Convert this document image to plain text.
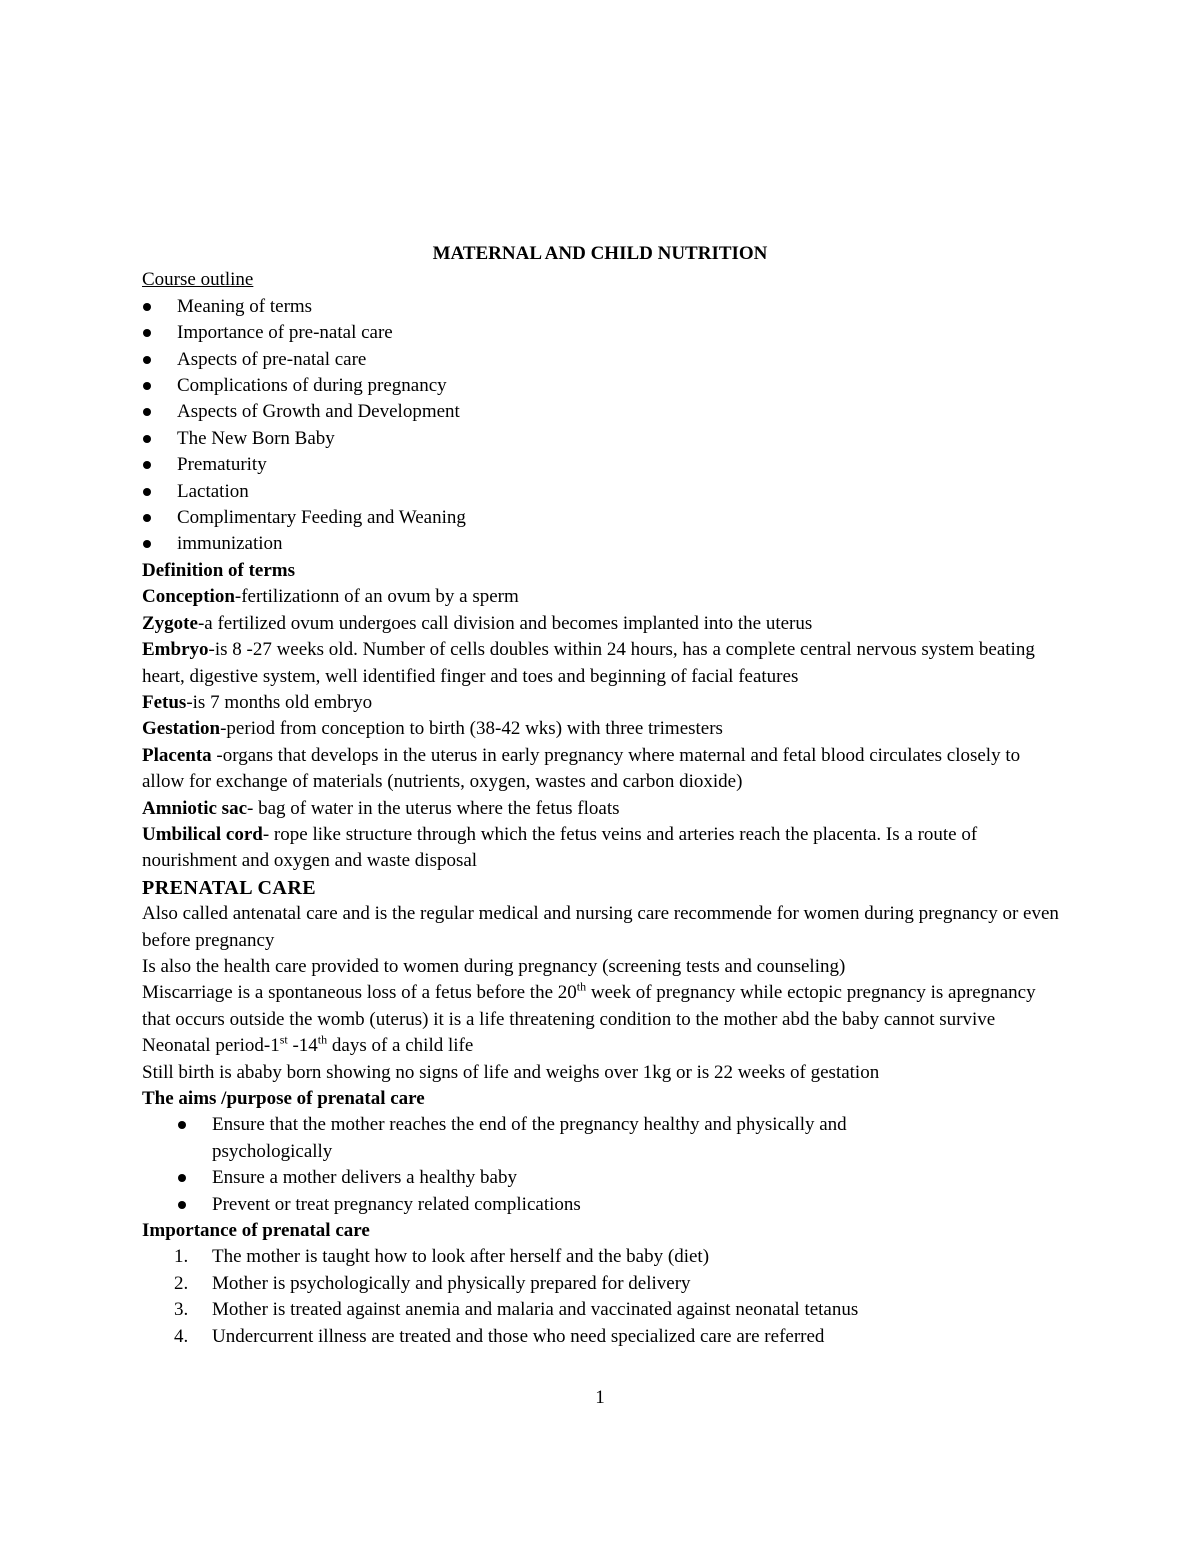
MATERNAL AND CHILD NUTRITION

Course outline

Meaning of terms
Importance of pre-natal care
Aspects of pre-natal care
Complications of during pregnancy
Aspects of Growth and Development
The New Born Baby
Prematurity
Lactation
Complimentary Feeding and Weaning
immunization

Definition of terms

Conception-fertilizationn of an ovum by a sperm

Zygote-a fertilized ovum undergoes call division and becomes implanted into the uterus

Embryo-is 8 -27 weeks old. Number of cells doubles within 24 hours, has a complete central nervous system beating heart, digestive system, well identified finger and toes and beginning of facial features

Fetus-is 7 months old embryo

Gestation-period from conception to birth (38-42 wks) with three trimesters

Placenta -organs that develops in the uterus in early pregnancy where maternal and fetal blood circulates closely to allow for exchange of materials (nutrients, oxygen, wastes and carbon dioxide)

Amniotic sac- bag of water in the uterus where the fetus floats

Umbilical cord- rope like structure through which the fetus veins and arteries reach the placenta. Is a route of nourishment and oxygen and waste disposal

PRENATAL CARE

Also called antenatal care and is the regular medical and nursing care recommende for women during pregnancy or even before pregnancy

Is also the health care provided to women during pregnancy (screening tests and counseling)

Miscarriage is a spontaneous loss of a fetus before the 20th week of pregnancy while ectopic pregnancy is apregnancy that occurs outside the womb (uterus) it is a life threatening condition to the mother abd the baby cannot survive

Neonatal period-1st -14th days of a child life

Still birth is ababy born showing no signs of life and weighs over 1kg or is 22 weeks of gestation

The aims /purpose of prenatal care

Ensure that the mother reaches the end of the pregnancy healthy and physically and psychologically
Ensure a mother delivers a healthy baby
Prevent or treat pregnancy related complications

Importance of prenatal care

1. The mother is taught how to look after herself and the baby (diet)
2. Mother is psychologically and physically prepared for delivery
3. Mother is treated against anemia and malaria and vaccinated against neonatal tetanus
4. Undercurrent illness are treated and those who need specialized care are referred
1
